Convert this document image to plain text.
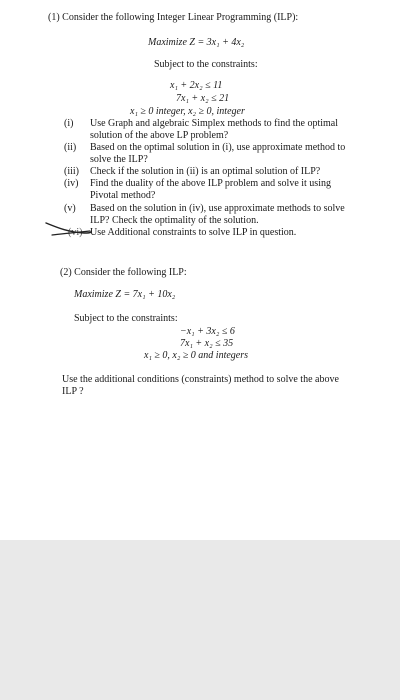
(1) Consider the following Integer Linear Programming (ILP):
Maximize Z = 3x₁ + 4x₂
Subject to the constraints:
x₁ + 2x₂ ≤ 11
7x₁ + x₂ ≤ 21
x₁ ≥ 0 integer, x₂ ≥ 0, integer
(i) Use Graph and algebraic Simplex methods to find the optimal
solution of the above LP problem?
(ii) Based on the optimal solution in (i), use approximate method to
solve the ILP?
(iii) Check if the solution in (ii) is an optimal solution of ILP?
(iv) Find the duality of the above ILP problem and solve it using
Pivotal method?
(v) Based on the solution in (iv), use approximate methods to solve
ILP? Check the optimality of the solution.
(vi) Use Additional constraints to solve ILP in question.
(2) Consider the following ILP:
Maximize Z = 7x₁ + 10x₂
Subject to the constraints:
−x₁ + 3x₂ ≤ 6
7x₁ + x₂ ≤ 35
x₁ ≥ 0, x₂ ≥ 0 and integers
Use the additional conditions (constraints) method to solve the above
ILP ?
